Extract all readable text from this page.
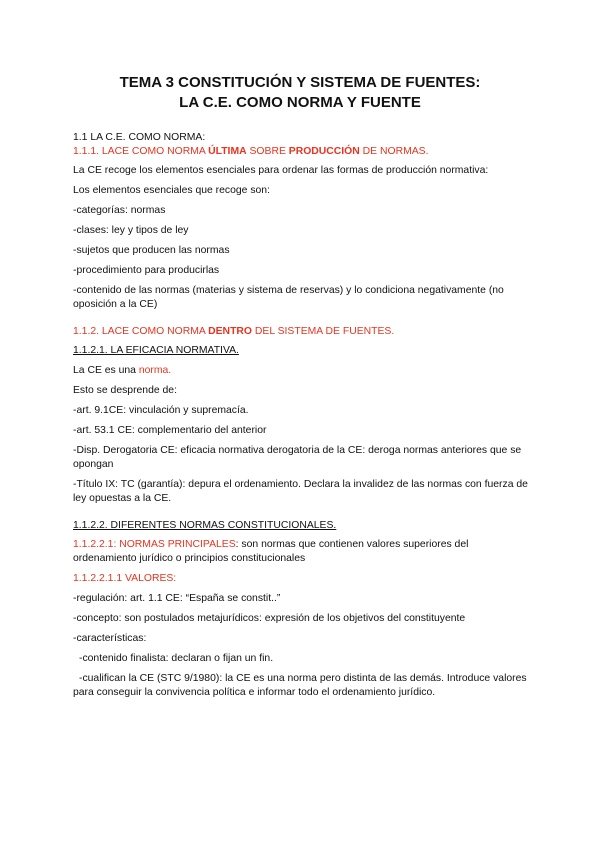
TEMA 3 CONSTITUCIÓN Y SISTEMA DE FUENTES:
LA C.E. COMO NORMA Y FUENTE

1.1 LA C.E. COMO NORMA:

1.1.1. LACE COMO NORMA ÚLTIMA SOBRE PRODUCCIÓN DE NORMAS.

La CE recoge los elementos esenciales para ordenar las formas de producción normativa:

Los elementos esenciales que recoge son:

-categorías: normas

-clases: ley y tipos de ley

-sujetos que producen las normas

-procedimiento para producirlas

-contenido de las normas (materias y sistema de reservas) y lo condiciona negativamente (no oposición a la CE)

1.1.2. LACE COMO NORMA DENTRO DEL SISTEMA DE FUENTES.

1.1.2.1. LA EFICACIA NORMATIVA.

La CE es una norma.

Esto se desprende de:

-art. 9.1CE: vinculación y supremacía.

-art. 53.1 CE: complementario del anterior

-Disp. Derogatoria CE: eficacia normativa derogatoria de la CE: deroga normas anteriores que se opongan

-Título IX: TC (garantía): depura el ordenamiento. Declara la invalidez de las normas con fuerza de ley opuestas a la CE.

1.1.2.2. DIFERENTES NORMAS CONSTITUCIONALES.

1.1.2.2.1: NORMAS PRINCIPALES: son normas que contienen valores superiores del ordenamiento jurídico o principios constitucionales

1.1.2.2.1.1 VALORES:

-regulación: art. 1.1 CE: “España se constit..”

-concepto: son postulados metajurídicos: expresión de los objetivos del constituyente

-características:

-contenido finalista: declaran o fijan un fin.

-cualifican la CE (STC 9/1980): la CE es una norma pero distinta de las demás. Introduce valores para conseguir la convivencia política e informar todo el ordenamiento jurídico.
